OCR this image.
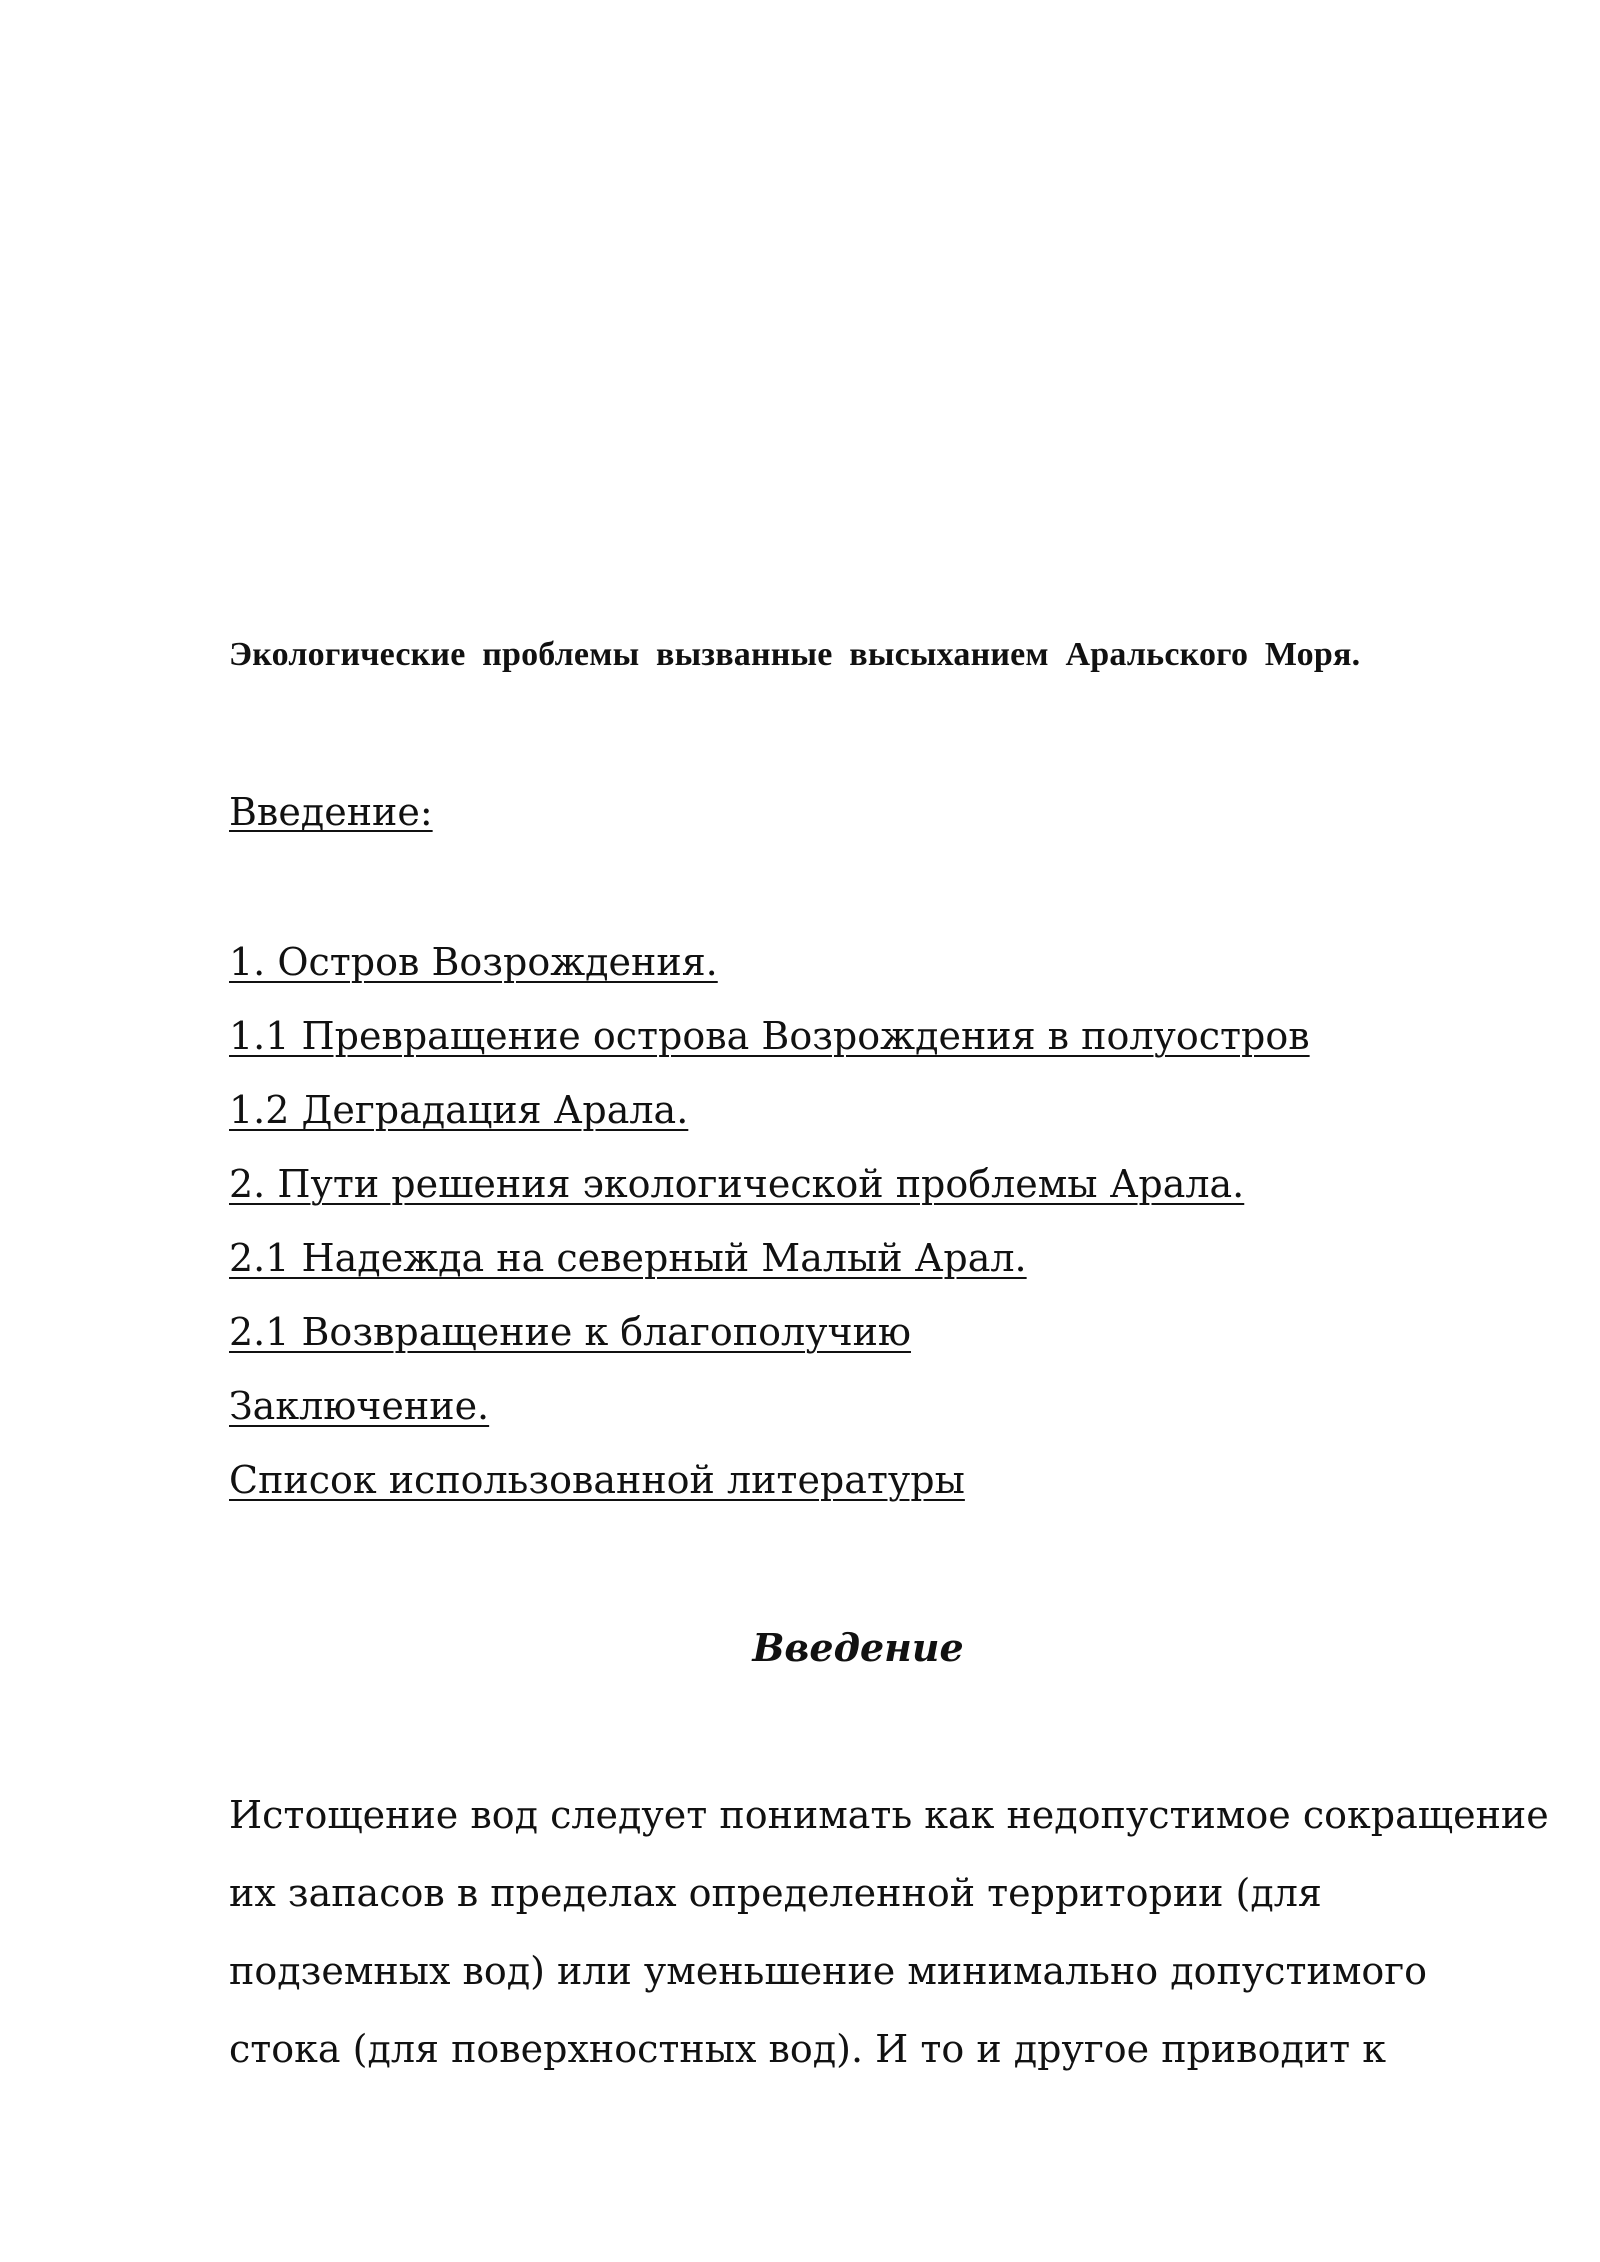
Экологические проблемы вызванные высыханием Аральского Моря.
Введение:
1. Остров Возрождения.
1.1 Превращение острова Возрождения в полуостров
1.2 Деградация Арала.
2. Пути решения экологической проблемы Арала.
2.1 Надежда на северный Малый Арал.
2.1 Возвращение к благополучию
Заключение.
Список использованной литературы
Введение
Истощение вод следует понимать как недопустимое сокращение
их запасов в пределах определенной территории (для
подземных вод) или уменьшение минимально допустимого
стока (для поверхностных вод). И то и другое приводит к
